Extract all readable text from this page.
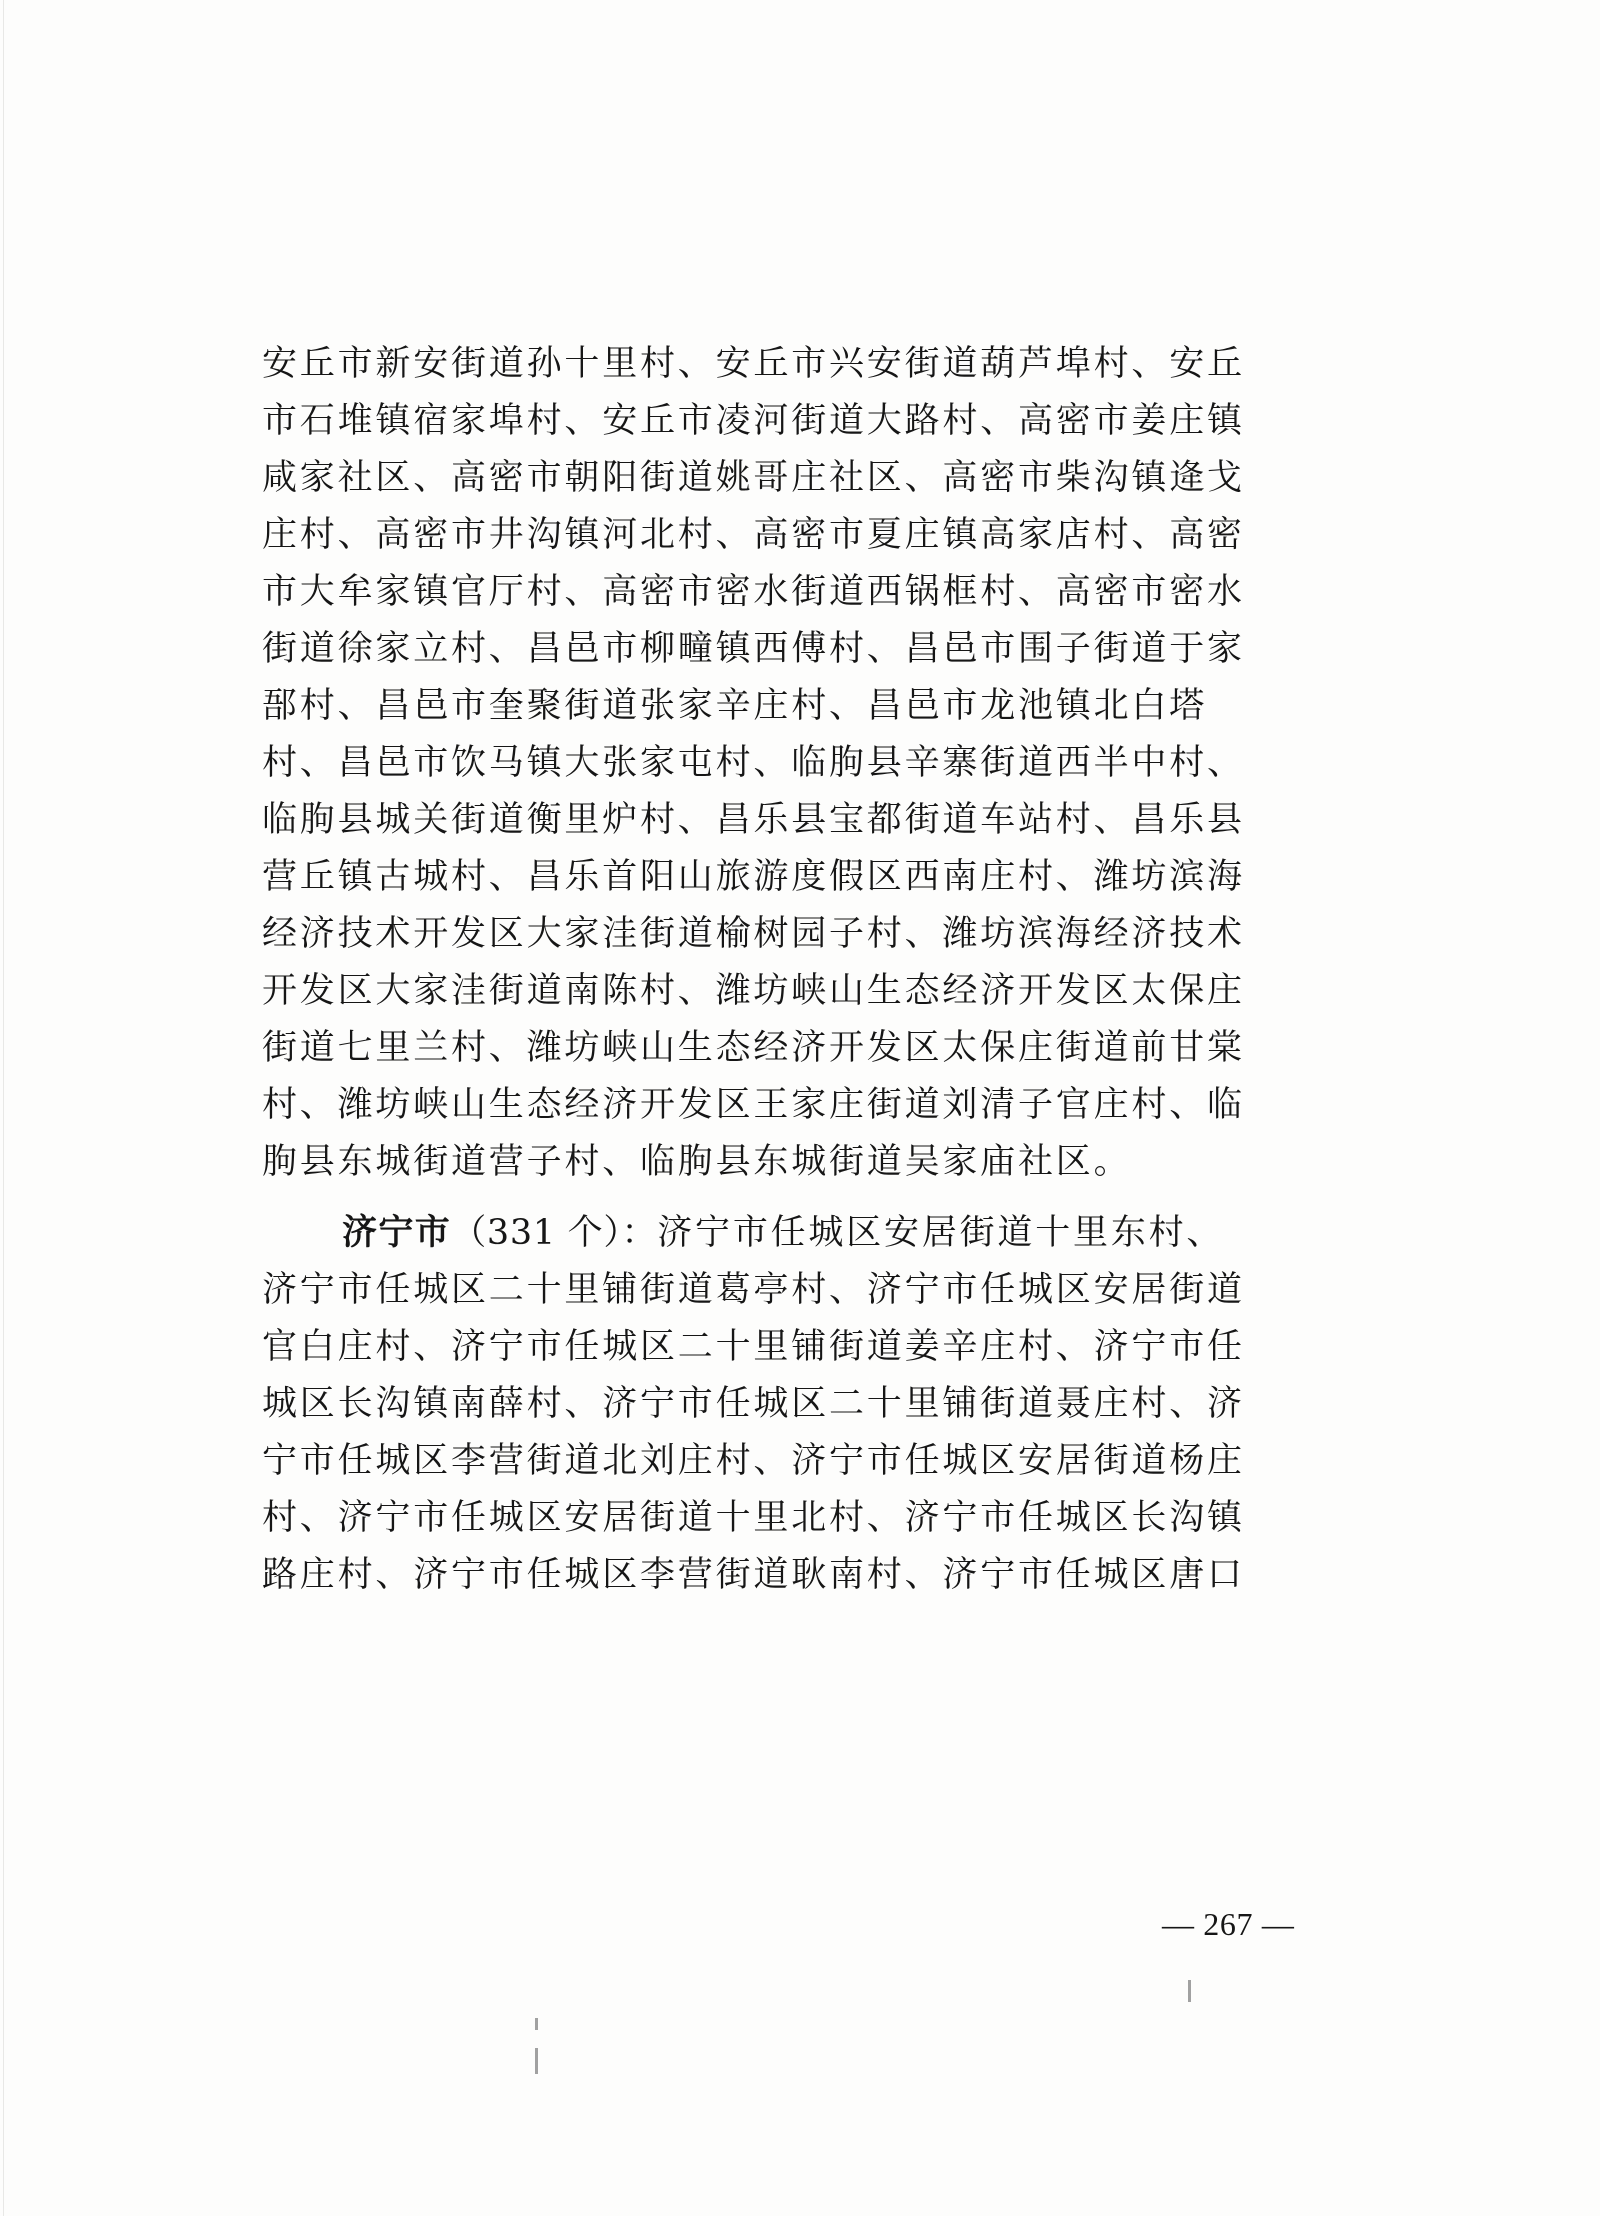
安丘市新安街道孙十里村、安丘市兴安街道葫芦埠村、安丘
市石堆镇宿家埠村、安丘市凌河街道大路村、高密市姜庄镇
咸家社区、高密市朝阳街道姚哥庄社区、高密市柴沟镇逄戈
庄村、高密市井沟镇河北村、高密市夏庄镇高家店村、高密
市大牟家镇官厅村、高密市密水街道西锅框村、高密市密水
街道徐家立村、昌邑市柳疃镇西傅村、昌邑市围子街道于家
郚村、昌邑市奎聚街道张家辛庄村、昌邑市龙池镇北白塔
村、昌邑市饮马镇大张家屯村、临朐县辛寨街道西半中村、
临朐县城关街道衡里炉村、昌乐县宝都街道车站村、昌乐县
营丘镇古城村、昌乐首阳山旅游度假区西南庄村、潍坊滨海
经济技术开发区大家洼街道榆树园子村、潍坊滨海经济技术
开发区大家洼街道南陈村、潍坊峡山生态经济开发区太保庄
街道七里兰村、潍坊峡山生态经济开发区太保庄街道前甘棠
村、潍坊峡山生态经济开发区王家庄街道刘清子官庄村、临
朐县东城街道营子村、临朐县东城街道吴家庙社区。
济宁市（331 个）：济宁市任城区安居街道十里东村、
济宁市任城区二十里铺街道葛亭村、济宁市任城区安居街道
官白庄村、济宁市任城区二十里铺街道姜辛庄村、济宁市任
城区长沟镇南薛村、济宁市任城区二十里铺街道聂庄村、济
宁市任城区李营街道北刘庄村、济宁市任城区安居街道杨庄
村、济宁市任城区安居街道十里北村、济宁市任城区长沟镇
路庄村、济宁市任城区李营街道耿南村、济宁市任城区唐口
— 267 —
